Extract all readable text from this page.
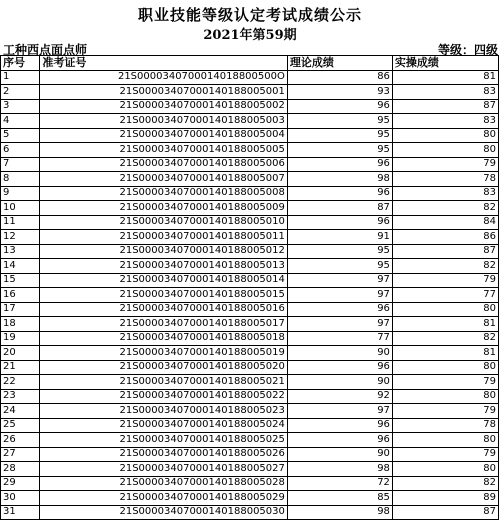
职业技能等级认定考试成绩公示
2021年第59期
工种西点面点师	等级：四级
序号	准考证号	理论成绩	实操成绩
1	21S0000340700014018800500O	86	81
2	21S00003407000140188005001	93	83
3	21S00003407000140188005002	96	87
4	21S00003407000140188005003	95	83
5	21S00003407000140188005004	95	80
6	21S00003407000140188005005	95	80
7	21S00003407000140188005006	96	79
8	21S00003407000140188005007	98	78
9	21S00003407000140188005008	96	83
10	21S00003407000140188005009	87	82
11	21S00003407000140188005010	96	84
12	21S00003407000140188005011	91	86
13	21S00003407000140188005012	95	87
14	21S00003407000140188005013	95	82
15	21S00003407000140188005014	97	79
16	21S00003407000140188005015	97	77
17	21S00003407000140188005016	96	80
18	21S00003407000140188005017	97	81
19	21S00003407000140188005018	77	82
20	21S00003407000140188005019	90	81
21	21S00003407000140188005020	96	80
22	21S00003407000140188005021	90	79
23	21S00003407000140188005022	92	80
24	21S00003407000140188005023	97	79
25	21S00003407000140188005024	96	78
26	21S00003407000140188005025	96	80
27	21S00003407000140188005026	90	79
28	21S00003407000140188005027	98	80
29	21S00003407000140188005028	72	82
30	21S00003407000140188005029	85	89
31	21S00003407000140188005030	98	87
